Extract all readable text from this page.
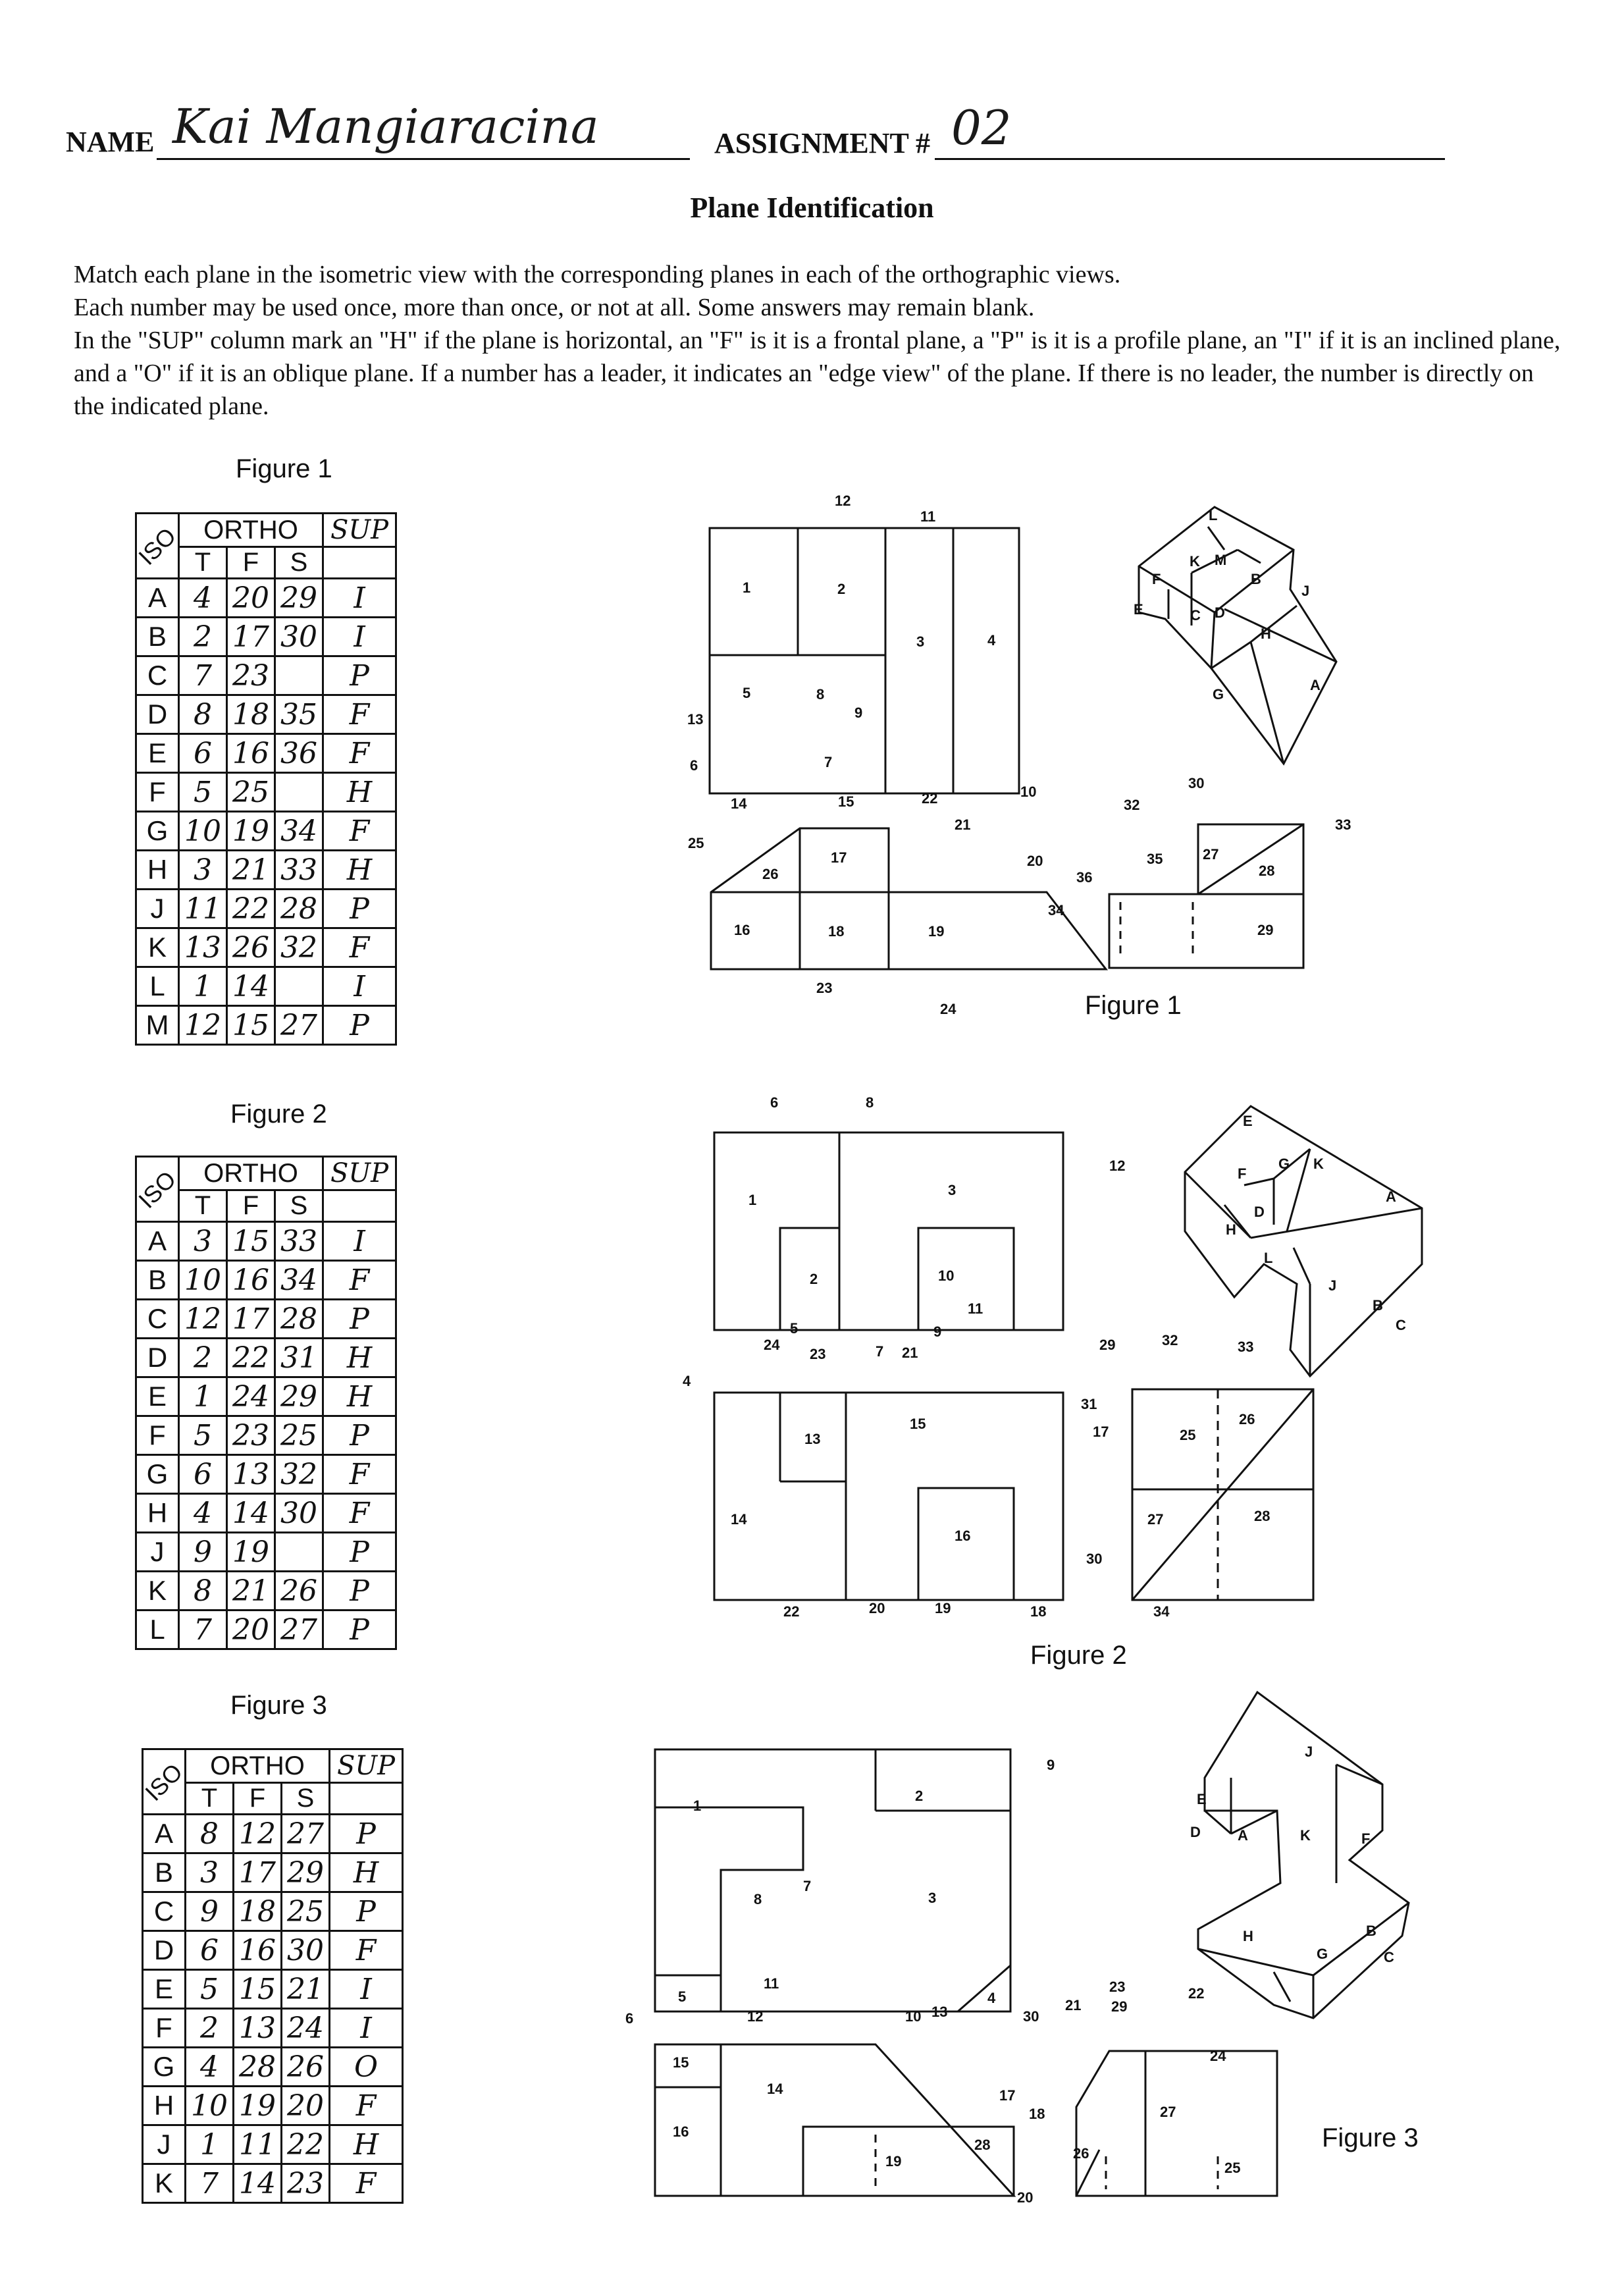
NAME Kai Mangiaracina	ASSIGNMENT # 02
Plane Identification

Match each plane in the isometric view with the corresponding planes in each of the orthographic views.

Each number may be used once, more than once, or not at all. Some answers may remain blank.

In the "SUP" column mark an "H" if the plane is horizontal, an "F" is it is a frontal plane, a "P" is it is a profile plane, an "I" if it is an inclined plane, and a "O" if it is an oblique plane. If a number has a leader, it indicates an "edge view" of the plane. If there is no leader, the number is directly on the indicated plane.

Figure 1
Figure 2
Figure 3
ISO	ORTHO			SUP
	T	F	S	
A	4	20	29	I
B	2	17	30	I
C	7	23		P
D	8	18	35	F
E	6	16	36	F
F	5	25		H
G	10	19	34	F
H	3	21	33	H
J	11	22	28	P
K	13	26	32	F
L	1	14		I
M	12	15	27	P
ISO	ORTHO			SUP
	T	F	S	
A	3	15	33	I
B	10	16	34	F
C	12	17	28	P
D	2	22	31	H
E	1	24	29	H
F	5	23	25	P
G	6	13	32	F
H	4	14	30	F
J	9	19		P
K	8	21	26	P
L	7	20	27	P
ISO	ORTHO			SUP
	T	F	S	
A	8	12	27	P
B	3	17	29	H
C	9	18	25	P
D	6	16	30	F
E	5	15	21	I
F	2	13	24	I
G	4	28	26	O
H	10	19	20	F
J	1	11	22	H
K	7	14	23	F
1	2
3	4
5	8
9
13
6	7
10
11
12
16	18	19
17
26
25
14	15	22
21
20
23
24
29
27
28
30
32
35
33
36
34
A
B
C D
E
F
G
H
J
K
L
M
Figure 1
1
2
3
4
5
6
7
8
9
10
11
12
13
14
15
16
17
18
19
20
21
22
23
24
25
26
27	28
29
30
31
32	33
34
A
B
C
D
E
F
G
H
J
K
L
Figure 2
1
2
3
4
5
6
7
8
9
10
11
12	13
14
15
16
17
18
19
20
21
22
23
24
25
26
27
28
29
30
A
B
C
D
E
F
G
H
J
K
Figure 3
